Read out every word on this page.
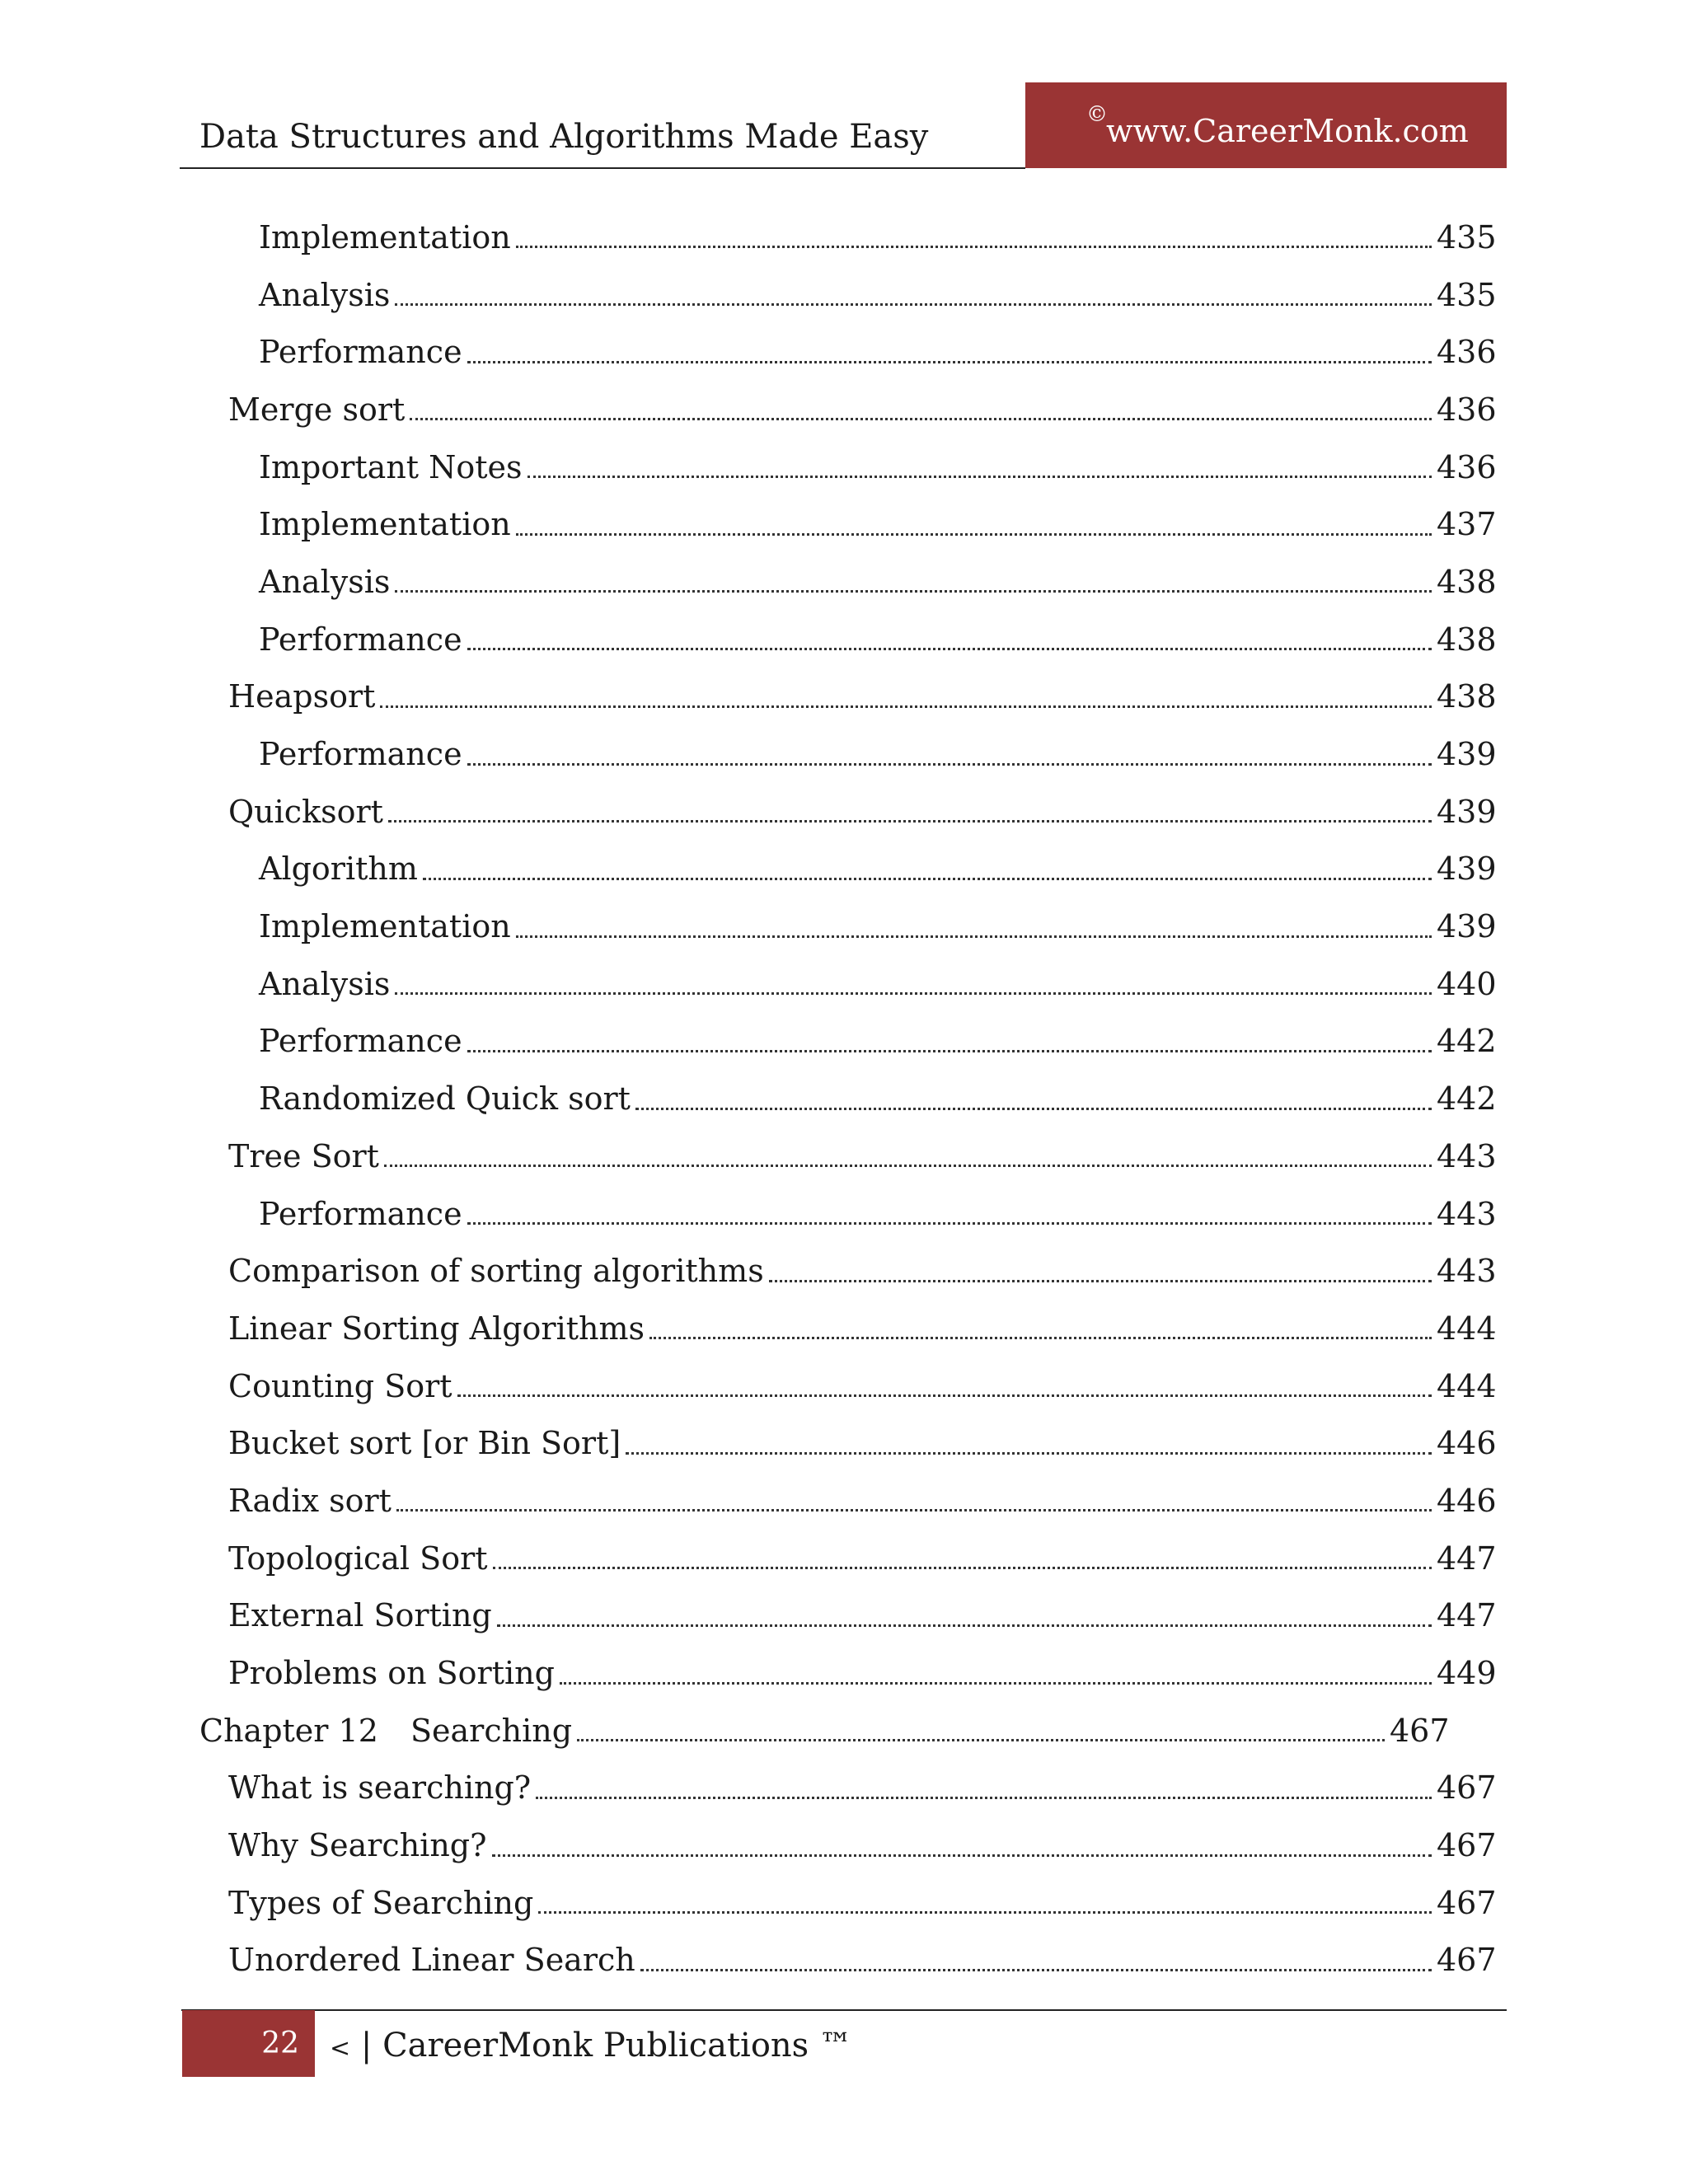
Data Structures and Algorithms Made Easy
©
www.CareerMonk.com
Implementation	435
Analysis	435
Performance	436
Merge sort	436
Important Notes	436
Implementation	437
Analysis	438
Performance	438
Heapsort	438
Performance	439
Quicksort	439
Algorithm	439
Implementation	439
Analysis	440
Performance	442
Randomized Quick sort	442
Tree Sort	443
Performance	443
Comparison of sorting algorithms	443
Linear Sorting Algorithms	444
Counting Sort	444
Bucket sort [or Bin Sort]	446
Radix sort	446
Topological Sort	447
External Sorting	447
Problems on Sorting	449
Chapter 12	Searching	467
What is searching?	467
Why Searching?	467
Types of Searching	467
Unordered Linear Search	467
22 < | CareerMonk Publications ™
